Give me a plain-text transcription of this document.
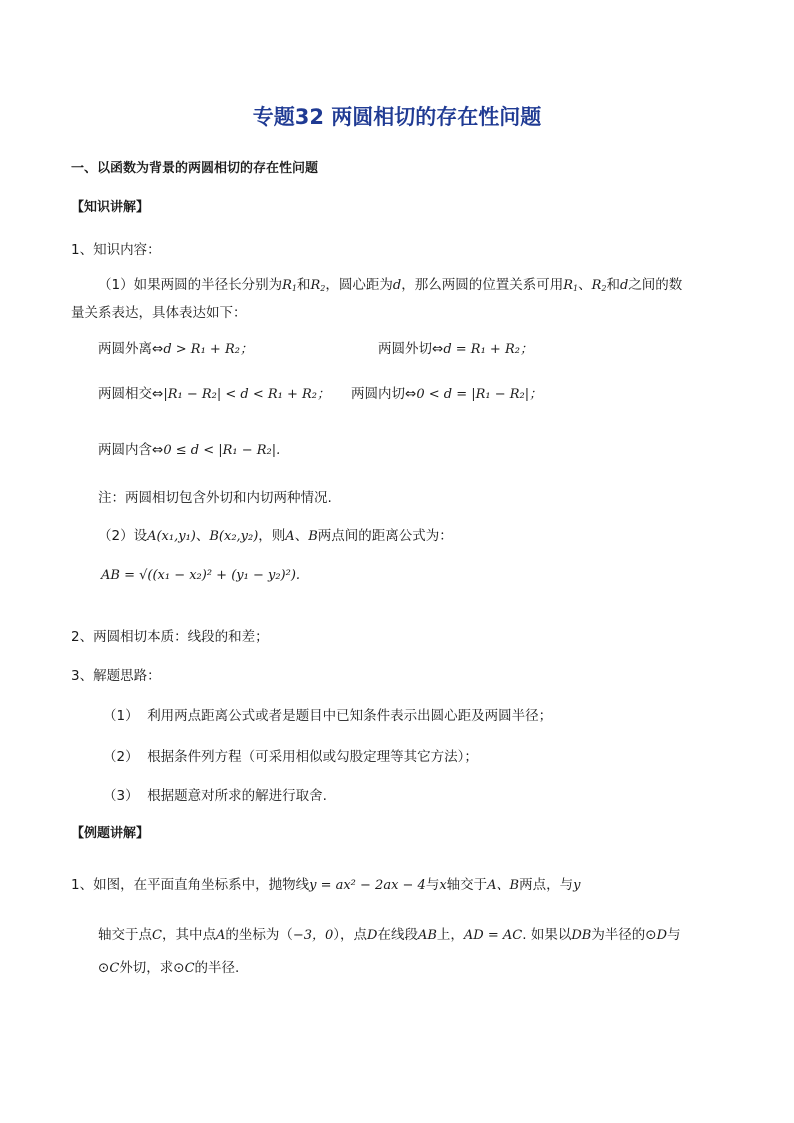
专题32 两圆相切的存在性问题
一、以函数为背景的两圆相切的存在性问题
【知识讲解】
1、知识内容：
（1）如果两圆的半径长分别为$R_1$和$R_2$，圆心距为d，那么两圆的位置关系可用$R_1$、$R_2$和d之间的数
量关系表达，具体表达如下：
两圆外离⇔d > R₁ + R₂；	两圆外切⇔d = R₁ + R₂；
两圆相交⇔|R₁ − R₂| < d < R₁ + R₂； 两圆内切⇔0 < d = |R₁ − R₂|；
两圆内含⇔0 ≤ d < |R₁ − R₂|.
注：两圆相切包含外切和内切两种情况.
（2）设A(x₁,y₁)、B(x₂,y₂)，则A、B两点间的距离公式为：
AB = √((x₁ − x₂)² + (y₁ − y₂)²).
2、两圆相切本质：线段的和差；
3、解题思路：
（1） 利用两点距离公式或者是题目中已知条件表示出圆心距及两圆半径；
（2） 根据条件列方程（可采用相似或勾股定理等其它方法）；
（3） 根据题意对所求的解进行取舍.
【例题讲解】
1、如图，在平面直角坐标系中，抛物线y = ax² − 2ax − 4与x轴交于A、B两点，与y
轴交于点C，其中点A的坐标为（−3，0），点D在线段AB上，AD = AC. 如果以DB为半径的⊙D与
⊙C外切，求⊙C的半径.
